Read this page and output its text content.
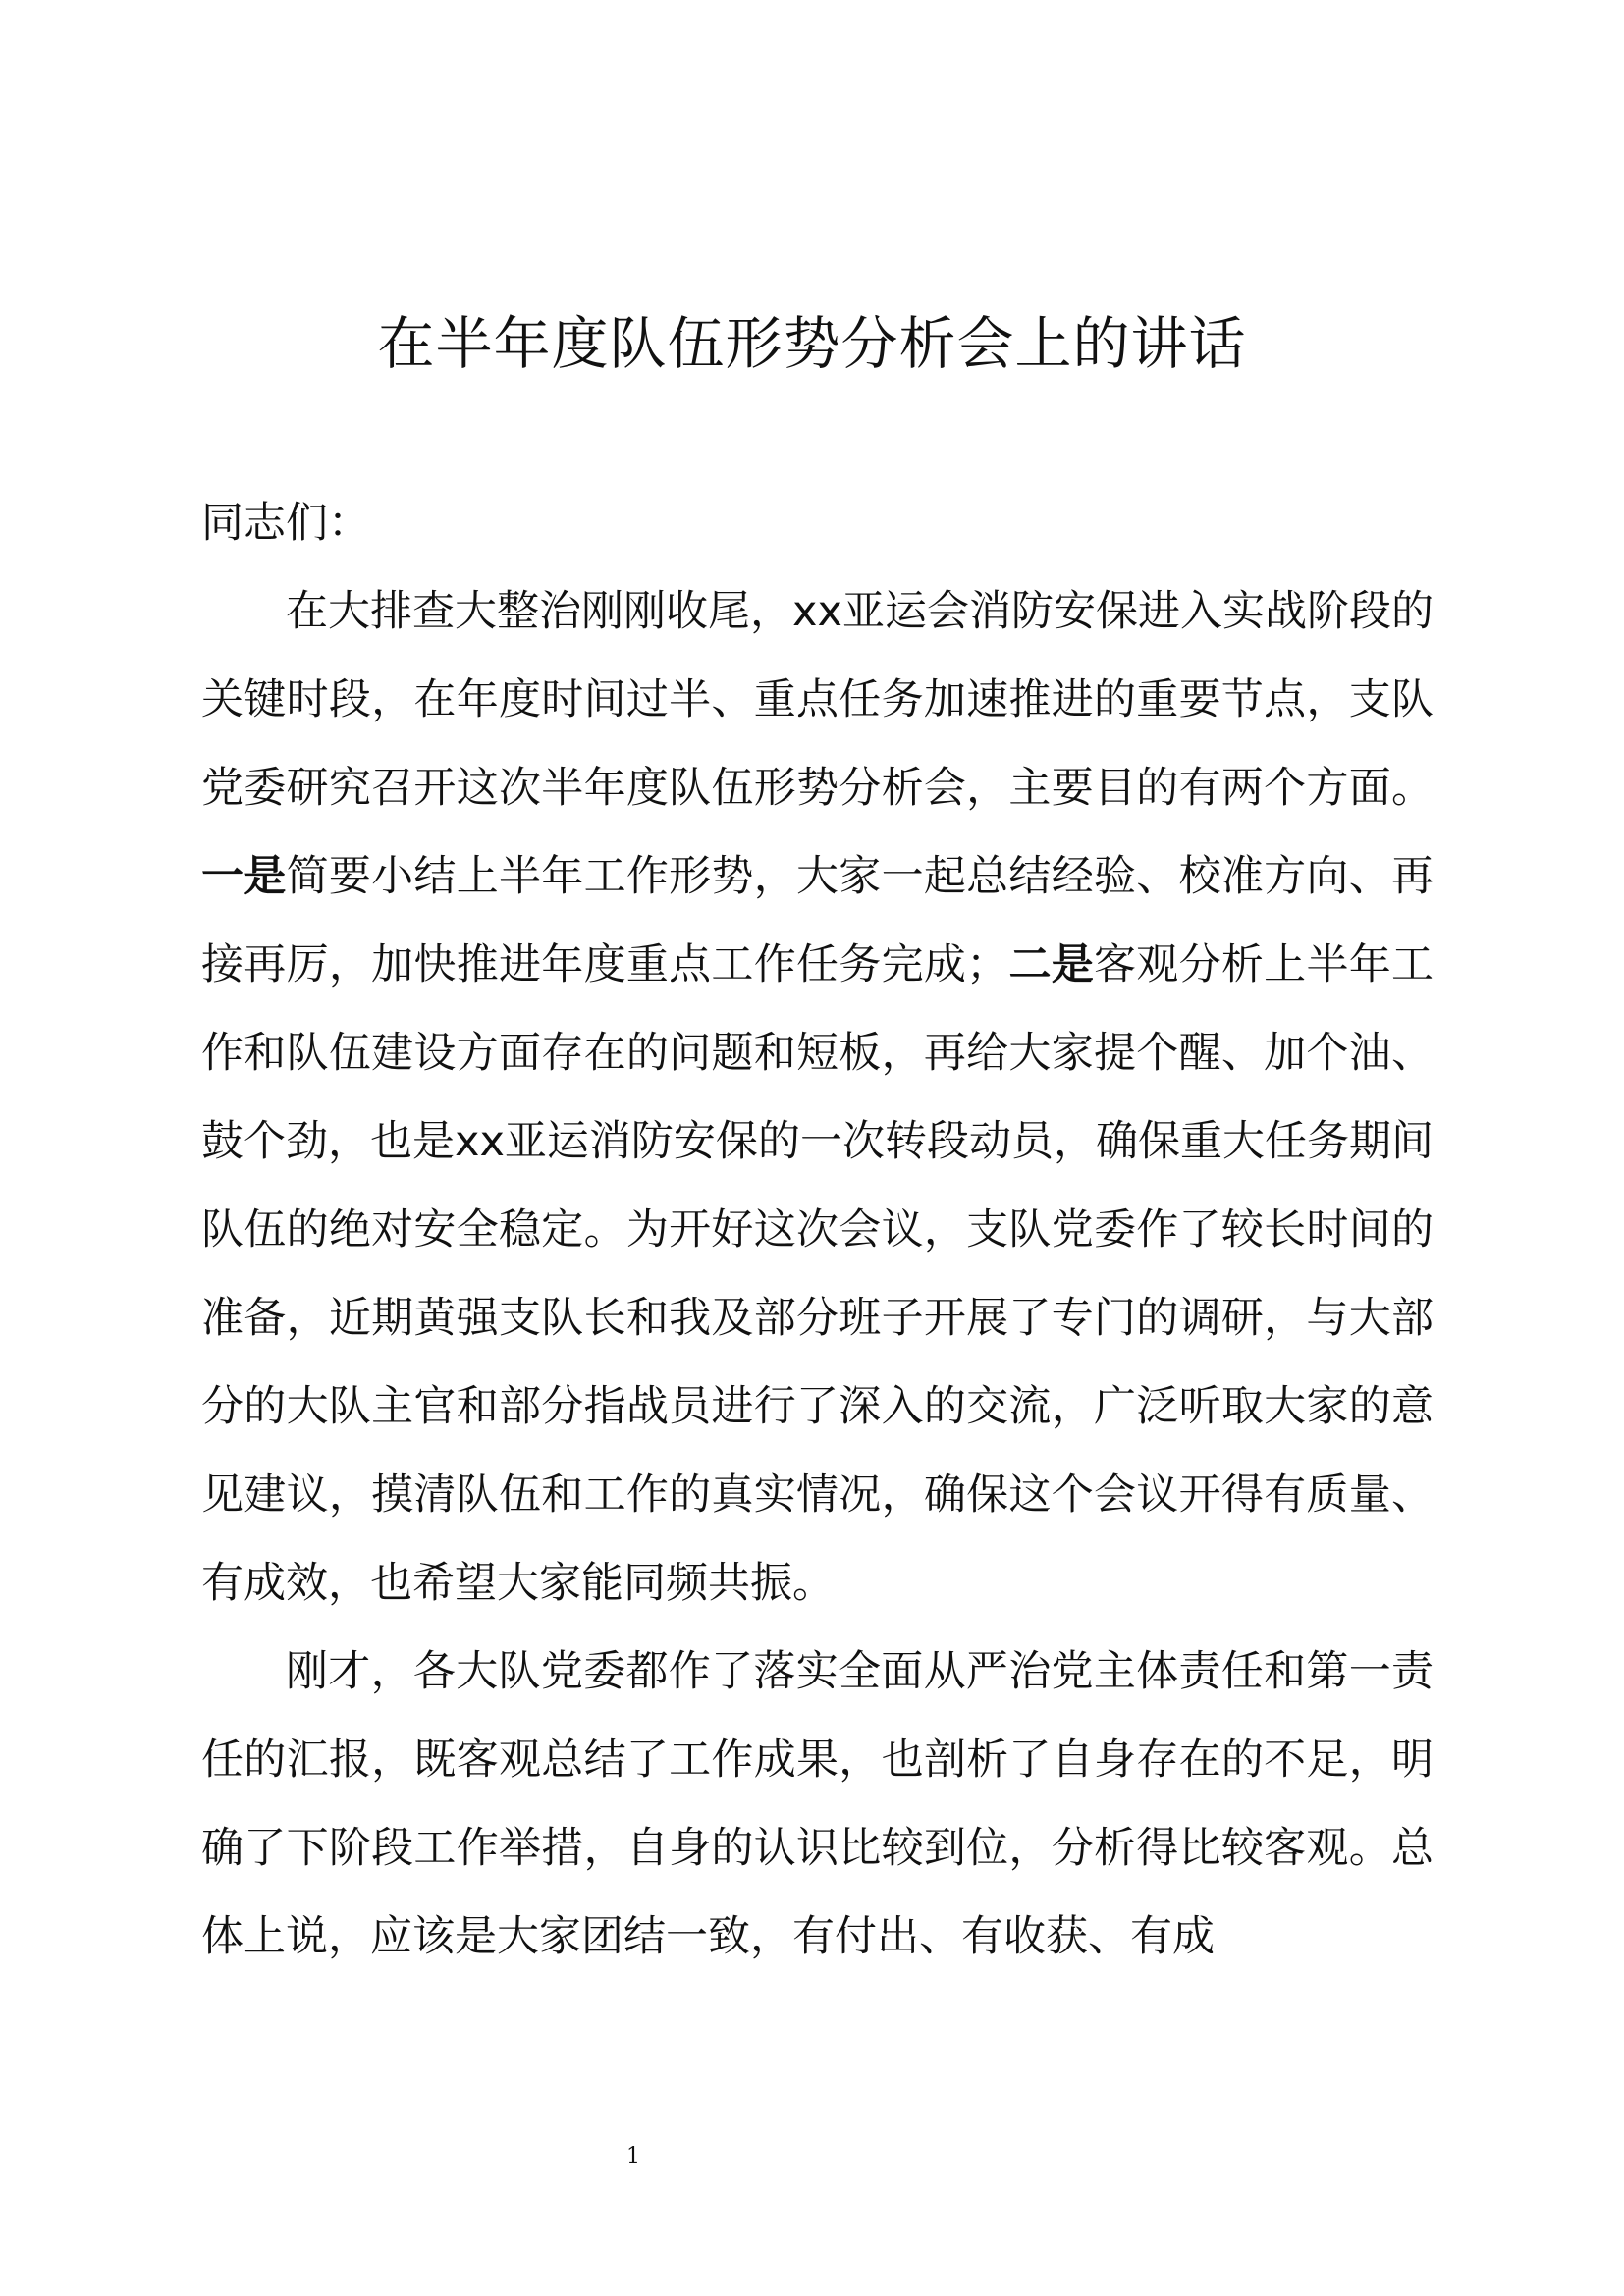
在半年度队伍形势分析会上的讲话

同志们：

在大排查大整治刚刚收尾，xx亚运会消防安保进入实战阶段的关键时段，在年度时间过半、重点任务加速推进的重要节点，支队党委研究召开这次半年度队伍形势分析会，主要目的有两个方面。一是简要小结上半年工作形势，大家一起总结经验、校准方向、再接再厉，加快推进年度重点工作任务完成；二是客观分析上半年工作和队伍建设方面存在的问题和短板，再给大家提个醒、加个油、鼓个劲，也是xx亚运消防安保的一次转段动员，确保重大任务期间队伍的绝对安全稳定。为开好这次会议，支队党委作了较长时间的准备，近期黄强支队长和我及部分班子开展了专门的调研，与大部分的大队主官和部分指战员进行了深入的交流，广泛听取大家的意见建议，摸清队伍和工作的真实情况，确保这个会议开得有质量、有成效，也希望大家能同频共振。

刚才，各大队党委都作了落实全面从严治党主体责任和第一责任的汇报，既客观总结了工作成果，也剖析了自身存在的不足，明确了下阶段工作举措，自身的认识比较到位，分析得比较客观。总体上说，应该是大家团结一致，有付出、有收获、有成

1
